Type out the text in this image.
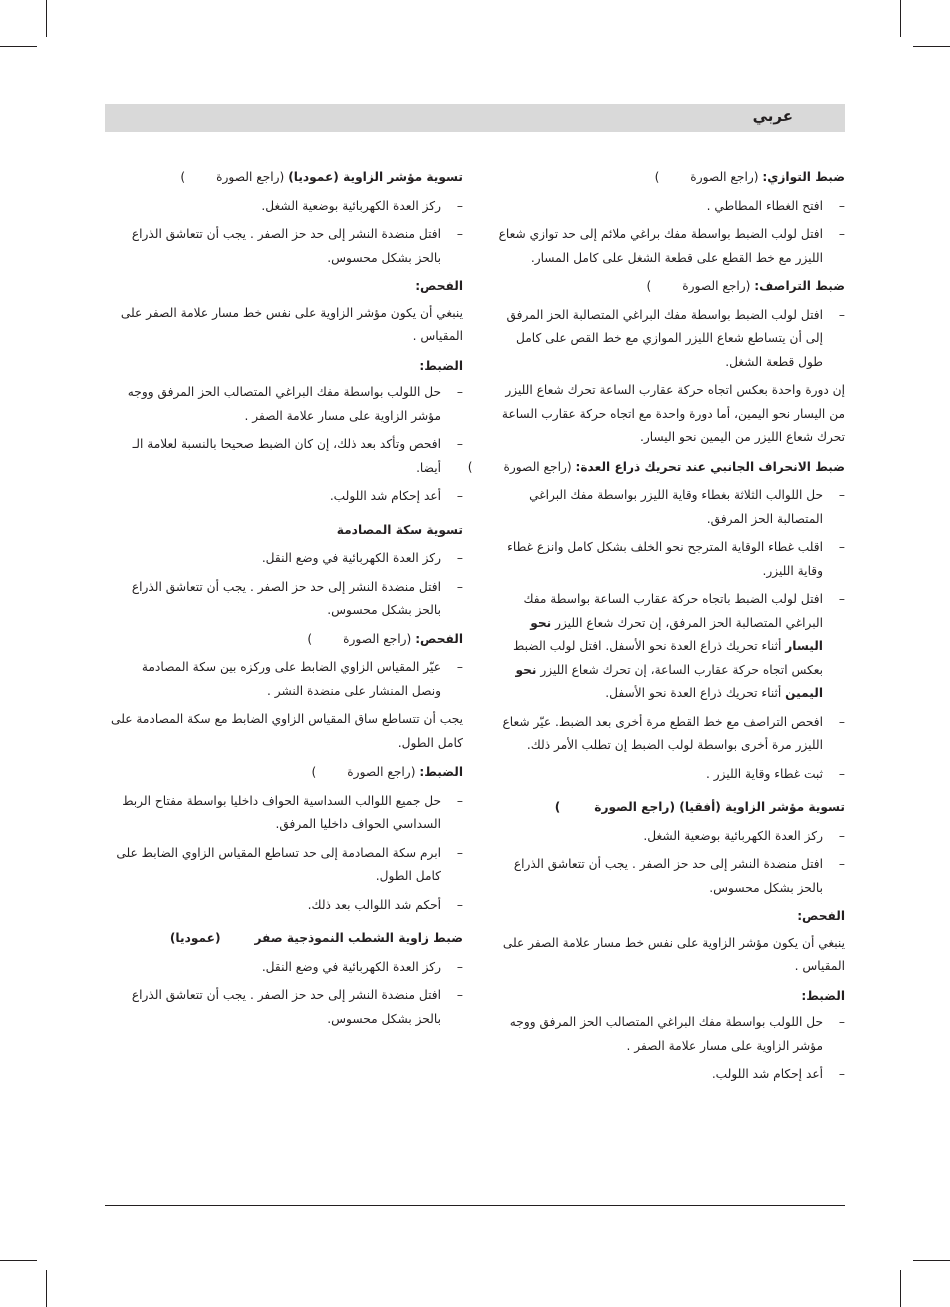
عربي
ضبط التوازي: (راجع الصورة        )
– افتح الغطاء المطاطي .
– افتل لولب الضبط بواسطة مفك براغي ملائم إلى حد توازي شعاع الليزر مع خط القطع على قطعة الشغل على كامل المسار.
ضبط التراصف: (راجع الصورة        )
– افتل لولب الضبط بواسطة مفك البراغي المتصالبة الحز المرفق إلى أن يتساطع شعاع الليزر الموازي مع خط القص على كامل طول قطعة الشغل.
إن دورة واحدة بعكس اتجاه حركة عقارب الساعة تحرك شعاع الليزر من اليسار نحو اليمين، أما دورة واحدة مع اتجاه حركة عقارب الساعة تحرك شعاع الليزر من اليمين نحو اليسار.
ضبط الانحراف الجانبي عند تحريك ذراع العدة: (راجع الصورة        )
– حل اللوالب الثلاثة بغطاء وقاية الليزر بواسطة مفك البراغي المتصالبة الحز المرفق.
– اقلب غطاء الوقاية المترجح نحو الخلف بشكل كامل وانزع غطاء وقاية الليزر.
– افتل لولب الضبط باتجاه حركة عقارب الساعة بواسطة مفك البراغي المتصالبة الحز المرفق، إن تحرك شعاع الليزر نحو اليسار أثناء تحريك ذراع العدة نحو الأسفل. افتل لولب الضبط بعكس اتجاه حركة عقارب الساعة، إن تحرك شعاع الليزر نحو اليمين أثناء تحريك ذراع العدة نحو الأسفل.
– افحص التراصف مع خط القطع مرة أخرى بعد الضبط. عيّر شعاع الليزر مرة أخرى بواسطة لولب الضبط إن تطلب الأمر ذلك.
– ثبت غطاء وقاية الليزر .
تسوية مؤشر الزاوية (أفقيا) (راجع الصورة        )
– ركز العدة الكهربائية بوضعية الشغل.
– افتل منضدة النشر إلى حد حز الصفر . يجب أن تتعاشق الذراع بالحز بشكل محسوس.
الفحص:
ينبغي أن يكون مؤشر الزاوية على نفس خط مسار علامة الصفر على المقياس .
الضبط:
– حل اللولب بواسطة مفك البراغي المتصالب الحز المرفق ووجه مؤشر الزاوية على مسار علامة الصفر .
– أعد إحكام شد اللولب.
تسوية مؤشر الزاوية (عموديا) (راجع الصورة        )
– ركز العدة الكهربائية بوضعية الشغل.
– افتل منضدة النشر إلى حد حز الصفر . يجب أن تتعاشق الذراع بالحز بشكل محسوس.
الفحص:
ينبغي أن يكون مؤشر الزاوية على نفس خط مسار علامة الصفر على المقياس .
الضبط:
– حل اللولب بواسطة مفك البراغي المتصالب الحز المرفق ووجه مؤشر الزاوية على مسار علامة الصفر .
– افحص وتأكد بعد ذلك، إن كان الضبط صحيحا بالنسبة لعلامة الـ أيضا.
– أعد إحكام شد اللولب.
تسوية سكة المصادمة
– ركز العدة الكهربائية في وضع النقل.
– افتل منضدة النشر إلى حد حز الصفر . يجب أن تتعاشق الذراع بالحز بشكل محسوس.
الفحص: (راجع الصورة        )
– عيّر المقياس الزاوي الضابط على وركزه بين سكة المصادمة ونصل المنشار على منضدة النشر .
يجب أن تتساطع ساق المقياس الزاوي الضابط مع سكة المصادمة على كامل الطول.
الضبط: (راجع الصورة        )
– حل جميع اللوالب السداسية الحواف داخليا بواسطة مفتاح الربط السداسي الحواف داخليا المرفق.
– ابرم سكة المصادمة إلى حد تساطع المقياس الزاوي الضابط على كامل الطول.
– أحكم شد اللوالب بعد ذلك.
ضبط زاوية الشطب النموذجية صفر        (عموديا)
– ركز العدة الكهربائية في وضع النقل.
– افتل منضدة النشر إلى حد حز الصفر . يجب أن تتعاشق الذراع بالحز بشكل محسوس.
